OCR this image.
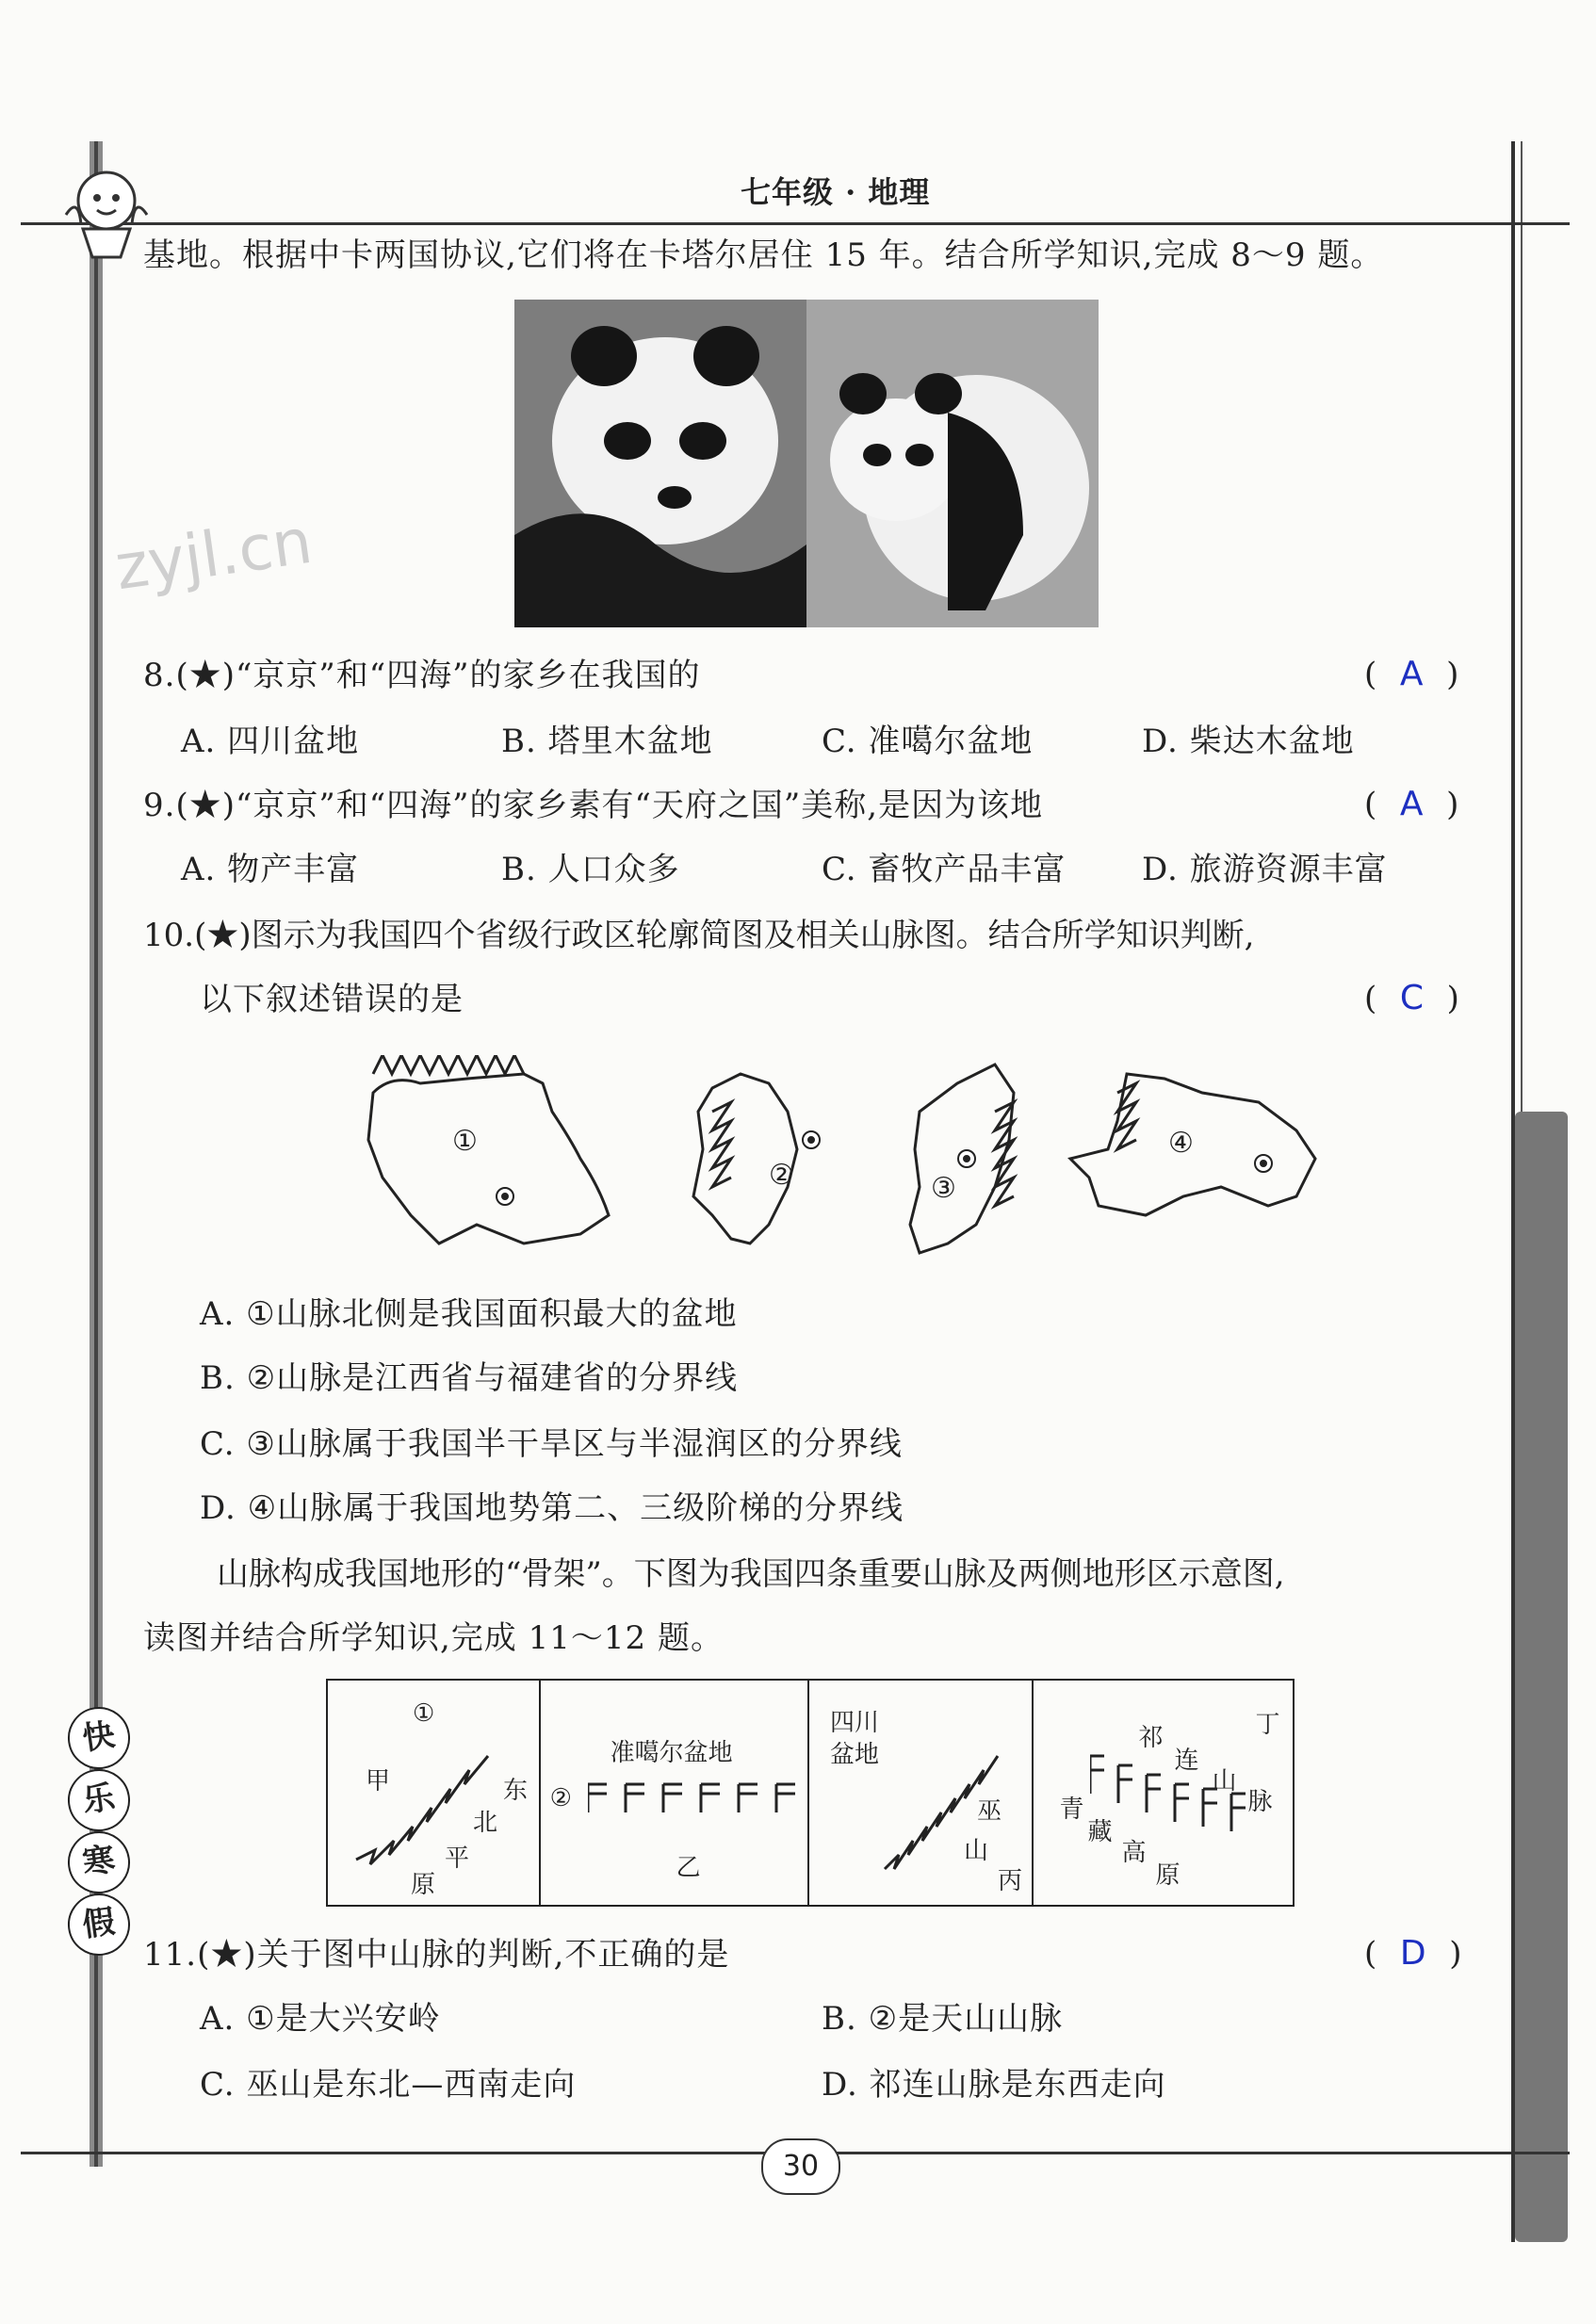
七年级 · 地理
基地。根据中卡两国协议,它们将在卡塔尔居住 15 年。结合所学知识,完成 8～9 题。
zyjl.cn
8.(★)“京京”和“四海”的家乡在我国的	(  A  )
A. 四川盆地	B. 塔里木盆地	C. 准噶尔盆地	D. 柴达木盆地
9.(★)“京京”和“四海”的家乡素有“天府之国”美称,是因为该地	(  A  )
A. 物产丰富	B. 人口众多	C. 畜牧产品丰富 D. 旅游资源丰富
10.(★)图示为我国四个省级行政区轮廓简图及相关山脉图。结合所学知识判断,
以下叙述错误的是	(  C  )
①
②	③
④
A. ①山脉北侧是我国面积最大的盆地
B. ②山脉是江西省与福建省的分界线
C. ③山脉属于我国半干旱区与半湿润区的分界线
D. ④山脉属于我国地势第二、三级阶梯的分界线
山脉构成我国地形的“骨架”。下图为我国四条重要山脉及两侧地形区示意图,
读图并结合所学知识,完成 11～12 题。
①
甲	东
北
平
原
准噶尔盆地
②
乙
四川
盆地
巫
山
丙
丁
祁
连
山
脉
青
藏
高
原
快
乐
寒
假
11.(★)关于图中山脉的判断,不正确的是	(  D  )
A. ①是大兴安岭	B. ②是天山山脉
C. 巫山是东北—西南走向	D. 祁连山脉是东西走向
30
